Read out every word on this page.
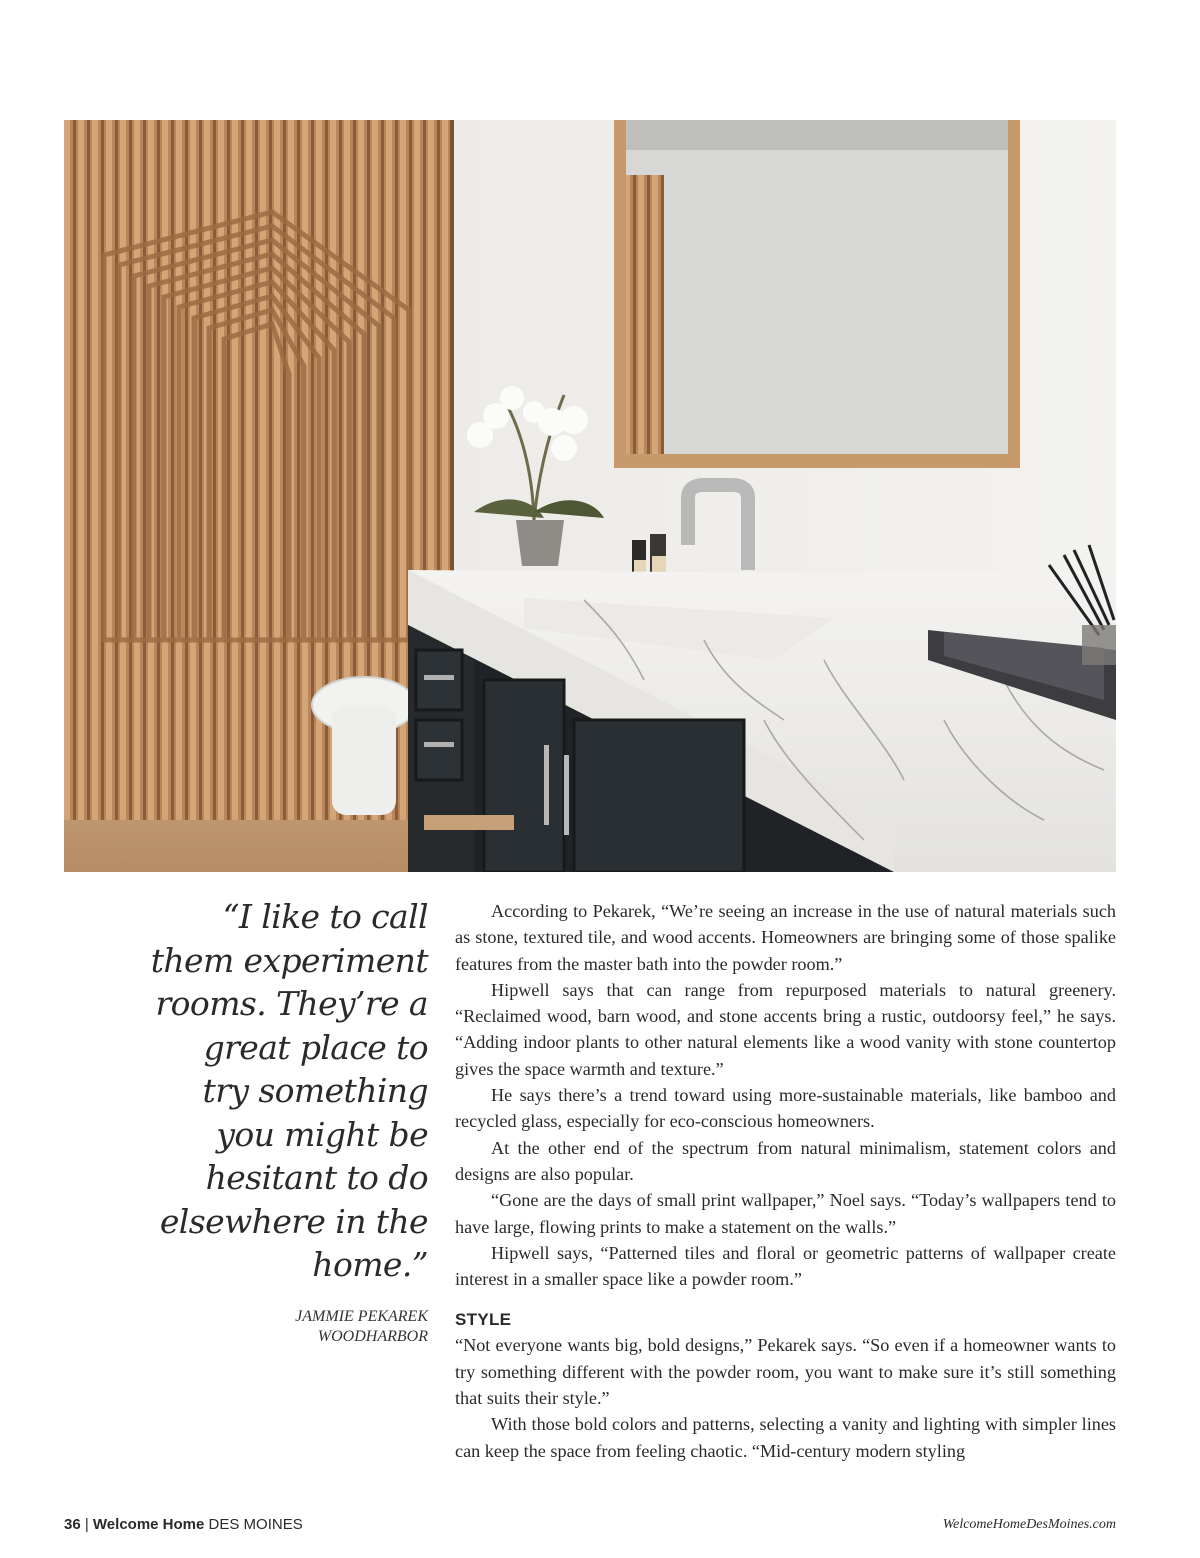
“I like to call them experiment rooms. They’re a great place to try something you might be hesitant to do elsewhere in the home.”

JAMMIE PEKAREK
WOODHARBOR

According to Pekarek, “We’re seeing an increase in the use of natural materials such as stone, textured tile, and wood accents. Homeowners are bringing some of those spalike features from the master bath into the powder room.”

Hipwell says that can range from repurposed materials to natural greenery. “Reclaimed wood, barn wood, and stone accents bring a rustic, outdoorsy feel,” he says. “Adding indoor plants to other natural elements like a wood vanity with stone countertop gives the space warmth and texture.”

He says there’s a trend toward using more-sustainable materials, like bamboo and recycled glass, especially for eco-conscious homeowners.

At the other end of the spectrum from natural minimalism, statement colors and designs are also popular.

“Gone are the days of small print wallpaper,” Noel says. “Today’s wallpapers tend to have large, flowing prints to make a statement on the walls.”

Hipwell says, “Patterned tiles and floral or geometric patterns of wallpaper create interest in a smaller space like a powder room.”

STYLE

“Not everyone wants big, bold designs,” Pekarek says. “So even if a homeowner wants to try something different with the powder room, you want to make sure it’s still something that suits their style.”

With those bold colors and patterns, selecting a vanity and lighting with simpler lines can keep the space from feeling chaotic. “Mid-century modern styling

36 | Welcome Home DES MOINES	WelcomeHomeDesMoines.com
